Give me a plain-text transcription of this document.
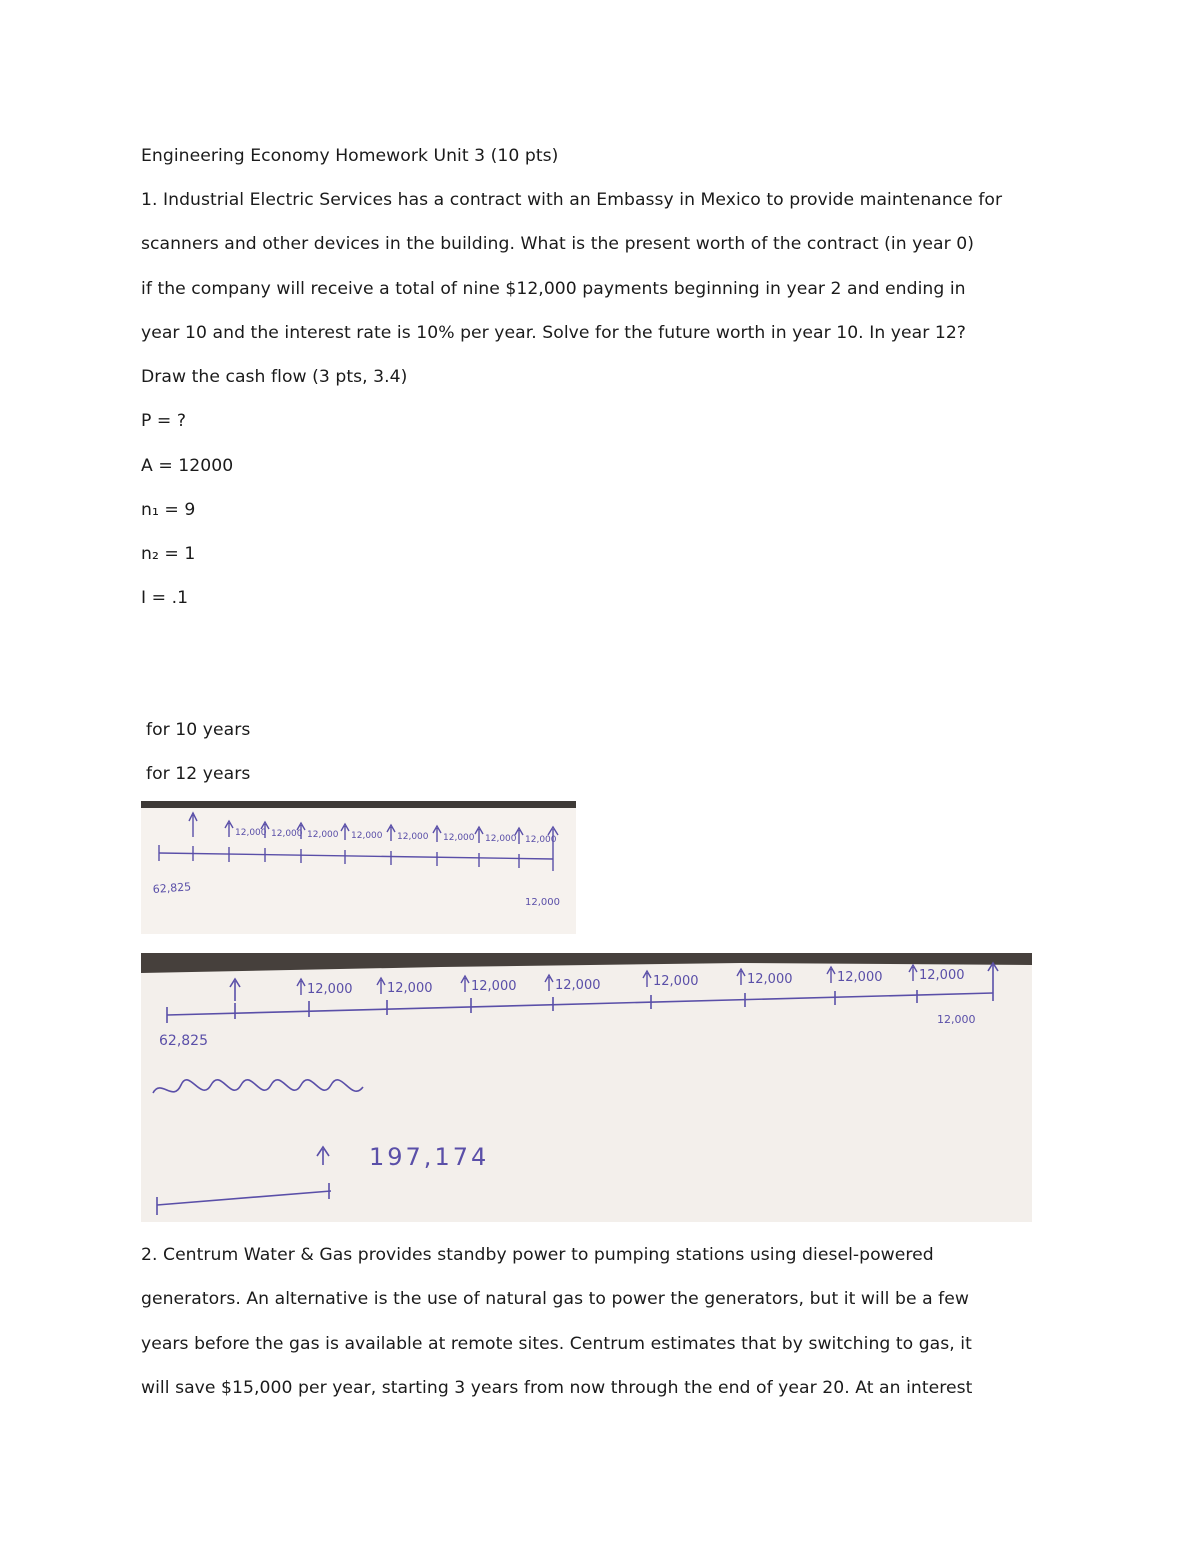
Engineering Economy Homework Unit 3 (10 pts)
1. Industrial Electric Services has a contract with an Embassy in Mexico to provide maintenance for
scanners and other devices in the building. What is the present worth of the contract (in year 0)
if the company will receive a total of nine $12,000 payments beginning in year 2 and ending in
year 10 and the interest rate is 10% per year. Solve for the future worth in year 10. In year 12?
Draw the cash flow (3 pts, 3.4)
P = ?
A = 12000
n₁ = 9
n₂ = 1
I = .1
for 10 years
for 12 years
12,000 12,000 12,000 12,000 12,000 12,000 12,000 12,000
62,825
12,000
12,000	12,000	12,000	12,000	12,000	12,000	12,000	12,000
62,825
12,000
197,174
2. Centrum Water & Gas provides standby power to pumping stations using diesel-powered
generators. An alternative is the use of natural gas to power the generators, but it will be a few
years before the gas is available at remote sites. Centrum estimates that by switching to gas, it
will save $15,000 per year, starting 3 years from now through the end of year 20. At an interest
